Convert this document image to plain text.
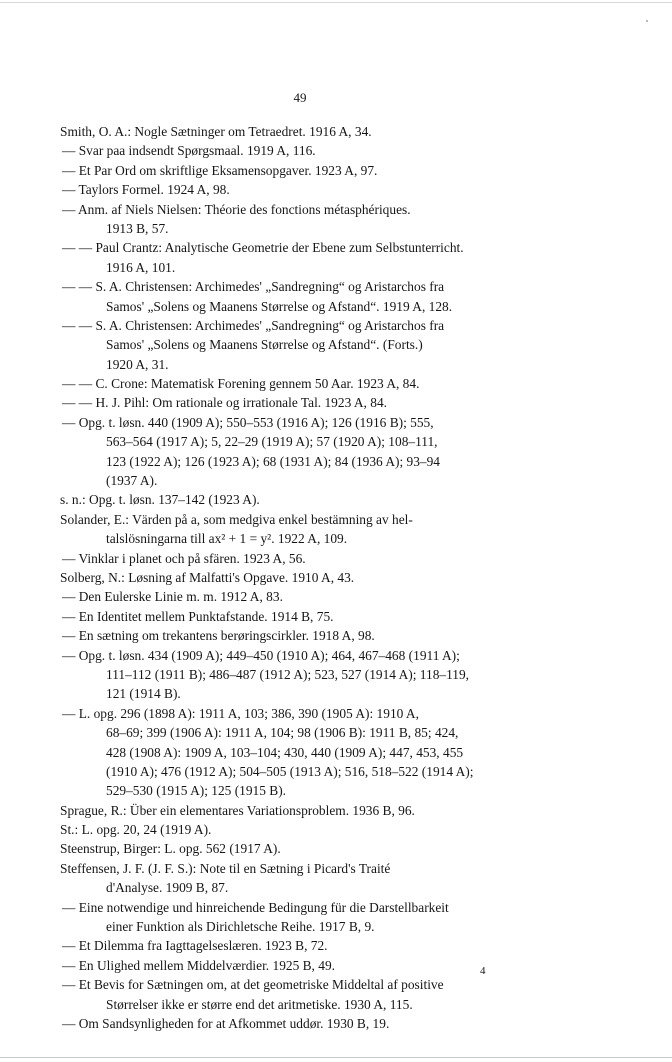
49
Smith, O. A.: Nogle Sætninger om Tetraedret. 1916 A, 34.
— Svar paa indsendt Spørgsmaal. 1919 A, 116.
— Et Par Ord om skriftlige Eksamensopgaver. 1923 A, 97.
— Taylors Formel. 1924 A, 98.
— Anm. af Niels Nielsen: Théorie des fonctions métasphériques.
1913 B, 57.
— — Paul Crantz: Analytische Geometrie der Ebene zum Selbstunterricht.
1916 A, 101.
— — S. A. Christensen: Archimedes' „Sandregning“ og Aristarchos fra
Samos' „Solens og Maanens Størrelse og Afstand“. 1919 A, 128.
— — S. A. Christensen: Archimedes' „Sandregning“ og Aristarchos fra
Samos' „Solens og Maanens Størrelse og Afstand“. (Forts.)
1920 A, 31.
— — C. Crone: Matematisk Forening gennem 50 Aar. 1923 A, 84.
— — H. J. Pihl: Om rationale og irrationale Tal. 1923 A, 84.
— Opg. t. løsn. 440 (1909 A); 550–553 (1916 A); 126 (1916 B); 555,
563–564 (1917 A); 5, 22–29 (1919 A); 57 (1920 A); 108–111,
123 (1922 A); 126 (1923 A); 68 (1931 A); 84 (1936 A); 93–94
(1937 A).
s. n.: Opg. t. løsn. 137–142 (1923 A).
Solander, E.: Värden på a, som medgiva enkel bestämning av hel-
talslösningarna till ax² + 1 = y². 1922 A, 109.
— Vinklar i planet och på sfären. 1923 A, 56.
Solberg, N.: Løsning af Malfatti's Opgave. 1910 A, 43.
— Den Eulerske Linie m. m. 1912 A, 83.
— En Identitet mellem Punktafstande. 1914 B, 75.
— En sætning om trekantens berøringscirkler. 1918 A, 98.
— Opg. t. løsn. 434 (1909 A); 449–450 (1910 A); 464, 467–468 (1911 A);
111–112 (1911 B); 486–487 (1912 A); 523, 527 (1914 A); 118–119,
121 (1914 B).
— L. opg. 296 (1898 A): 1911 A, 103; 386, 390 (1905 A): 1910 A,
68–69; 399 (1906 A): 1911 A, 104; 98 (1906 B): 1911 B, 85; 424,
428 (1908 A): 1909 A, 103–104; 430, 440 (1909 A); 447, 453, 455
(1910 A); 476 (1912 A); 504–505 (1913 A); 516, 518–522 (1914 A);
529–530 (1915 A); 125 (1915 B).
Sprague, R.: Über ein elementares Variationsproblem. 1936 B, 96.
St.: L. opg. 20, 24 (1919 A).
Steenstrup, Birger: L. opg. 562 (1917 A).
Steffensen, J. F. (J. F. S.): Note til en Sætning i Picard's Traité
d'Analyse. 1909 B, 87.
— Eine notwendige und hinreichende Bedingung für die Darstellbarkeit
einer Funktion als Dirichletsche Reihe. 1917 B, 9.
— Et Dilemma fra Iagttagelseslæren. 1923 B, 72.
— En Ulighed mellem Middelværdier. 1925 B, 49.
— Et Bevis for Sætningen om, at det geometriske Middeltal af positive
Størrelser ikke er større end det aritmetiske. 1930 A, 115.
— Om Sandsynligheden for at Afkommet uddør. 1930 B, 19.
4
